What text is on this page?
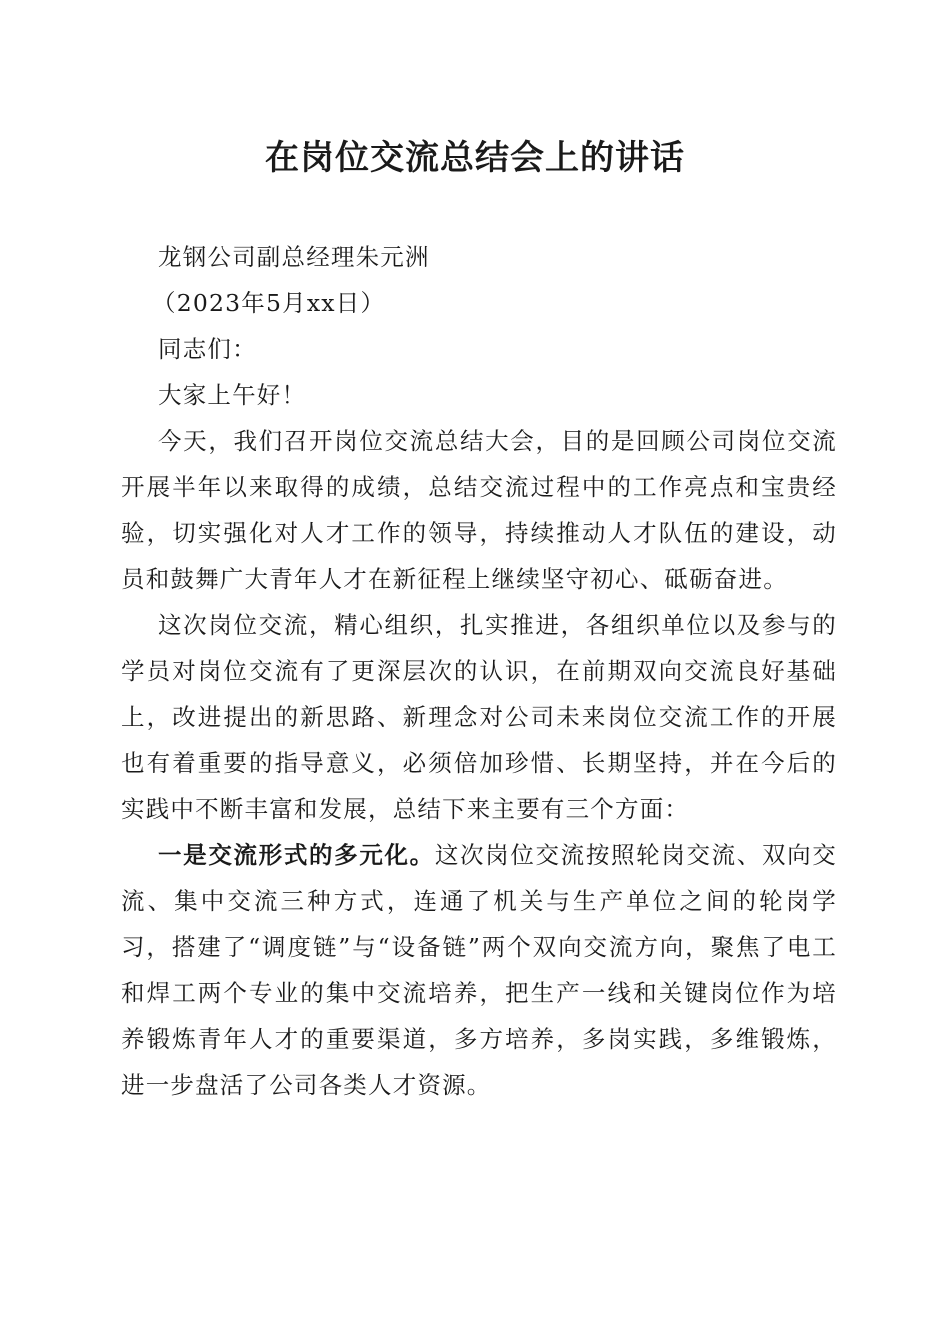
在岗位交流总结会上的讲话

龙钢公司副总经理朱元洲

（2023年5月xx日）

同志们：

大家上午好！

今天，我们召开岗位交流总结大会，目的是回顾公司岗位交流开展半年以来取得的成绩，总结交流过程中的工作亮点和宝贵经验，切实强化对人才工作的领导，持续推动人才队伍的建设，动员和鼓舞广大青年人才在新征程上继续坚守初心、砥砺奋进。

这次岗位交流，精心组织，扎实推进，各组织单位以及参与的学员对岗位交流有了更深层次的认识，在前期双向交流良好基础上，改进提出的新思路、新理念对公司未来岗位交流工作的开展也有着重要的指导意义，必须倍加珍惜、长期坚持，并在今后的实践中不断丰富和发展，总结下来主要有三个方面：

一是交流形式的多元化。这次岗位交流按照轮岗交流、双向交流、集中交流三种方式，连通了机关与生产单位之间的轮岗学习，搭建了“调度链”与“设备链”两个双向交流方向，聚焦了电工和焊工两个专业的集中交流培养，把生产一线和关键岗位作为培养锻炼青年人才的重要渠道，多方培养，多岗实践，多维锻炼，进一步盘活了公司各类人才资源。
